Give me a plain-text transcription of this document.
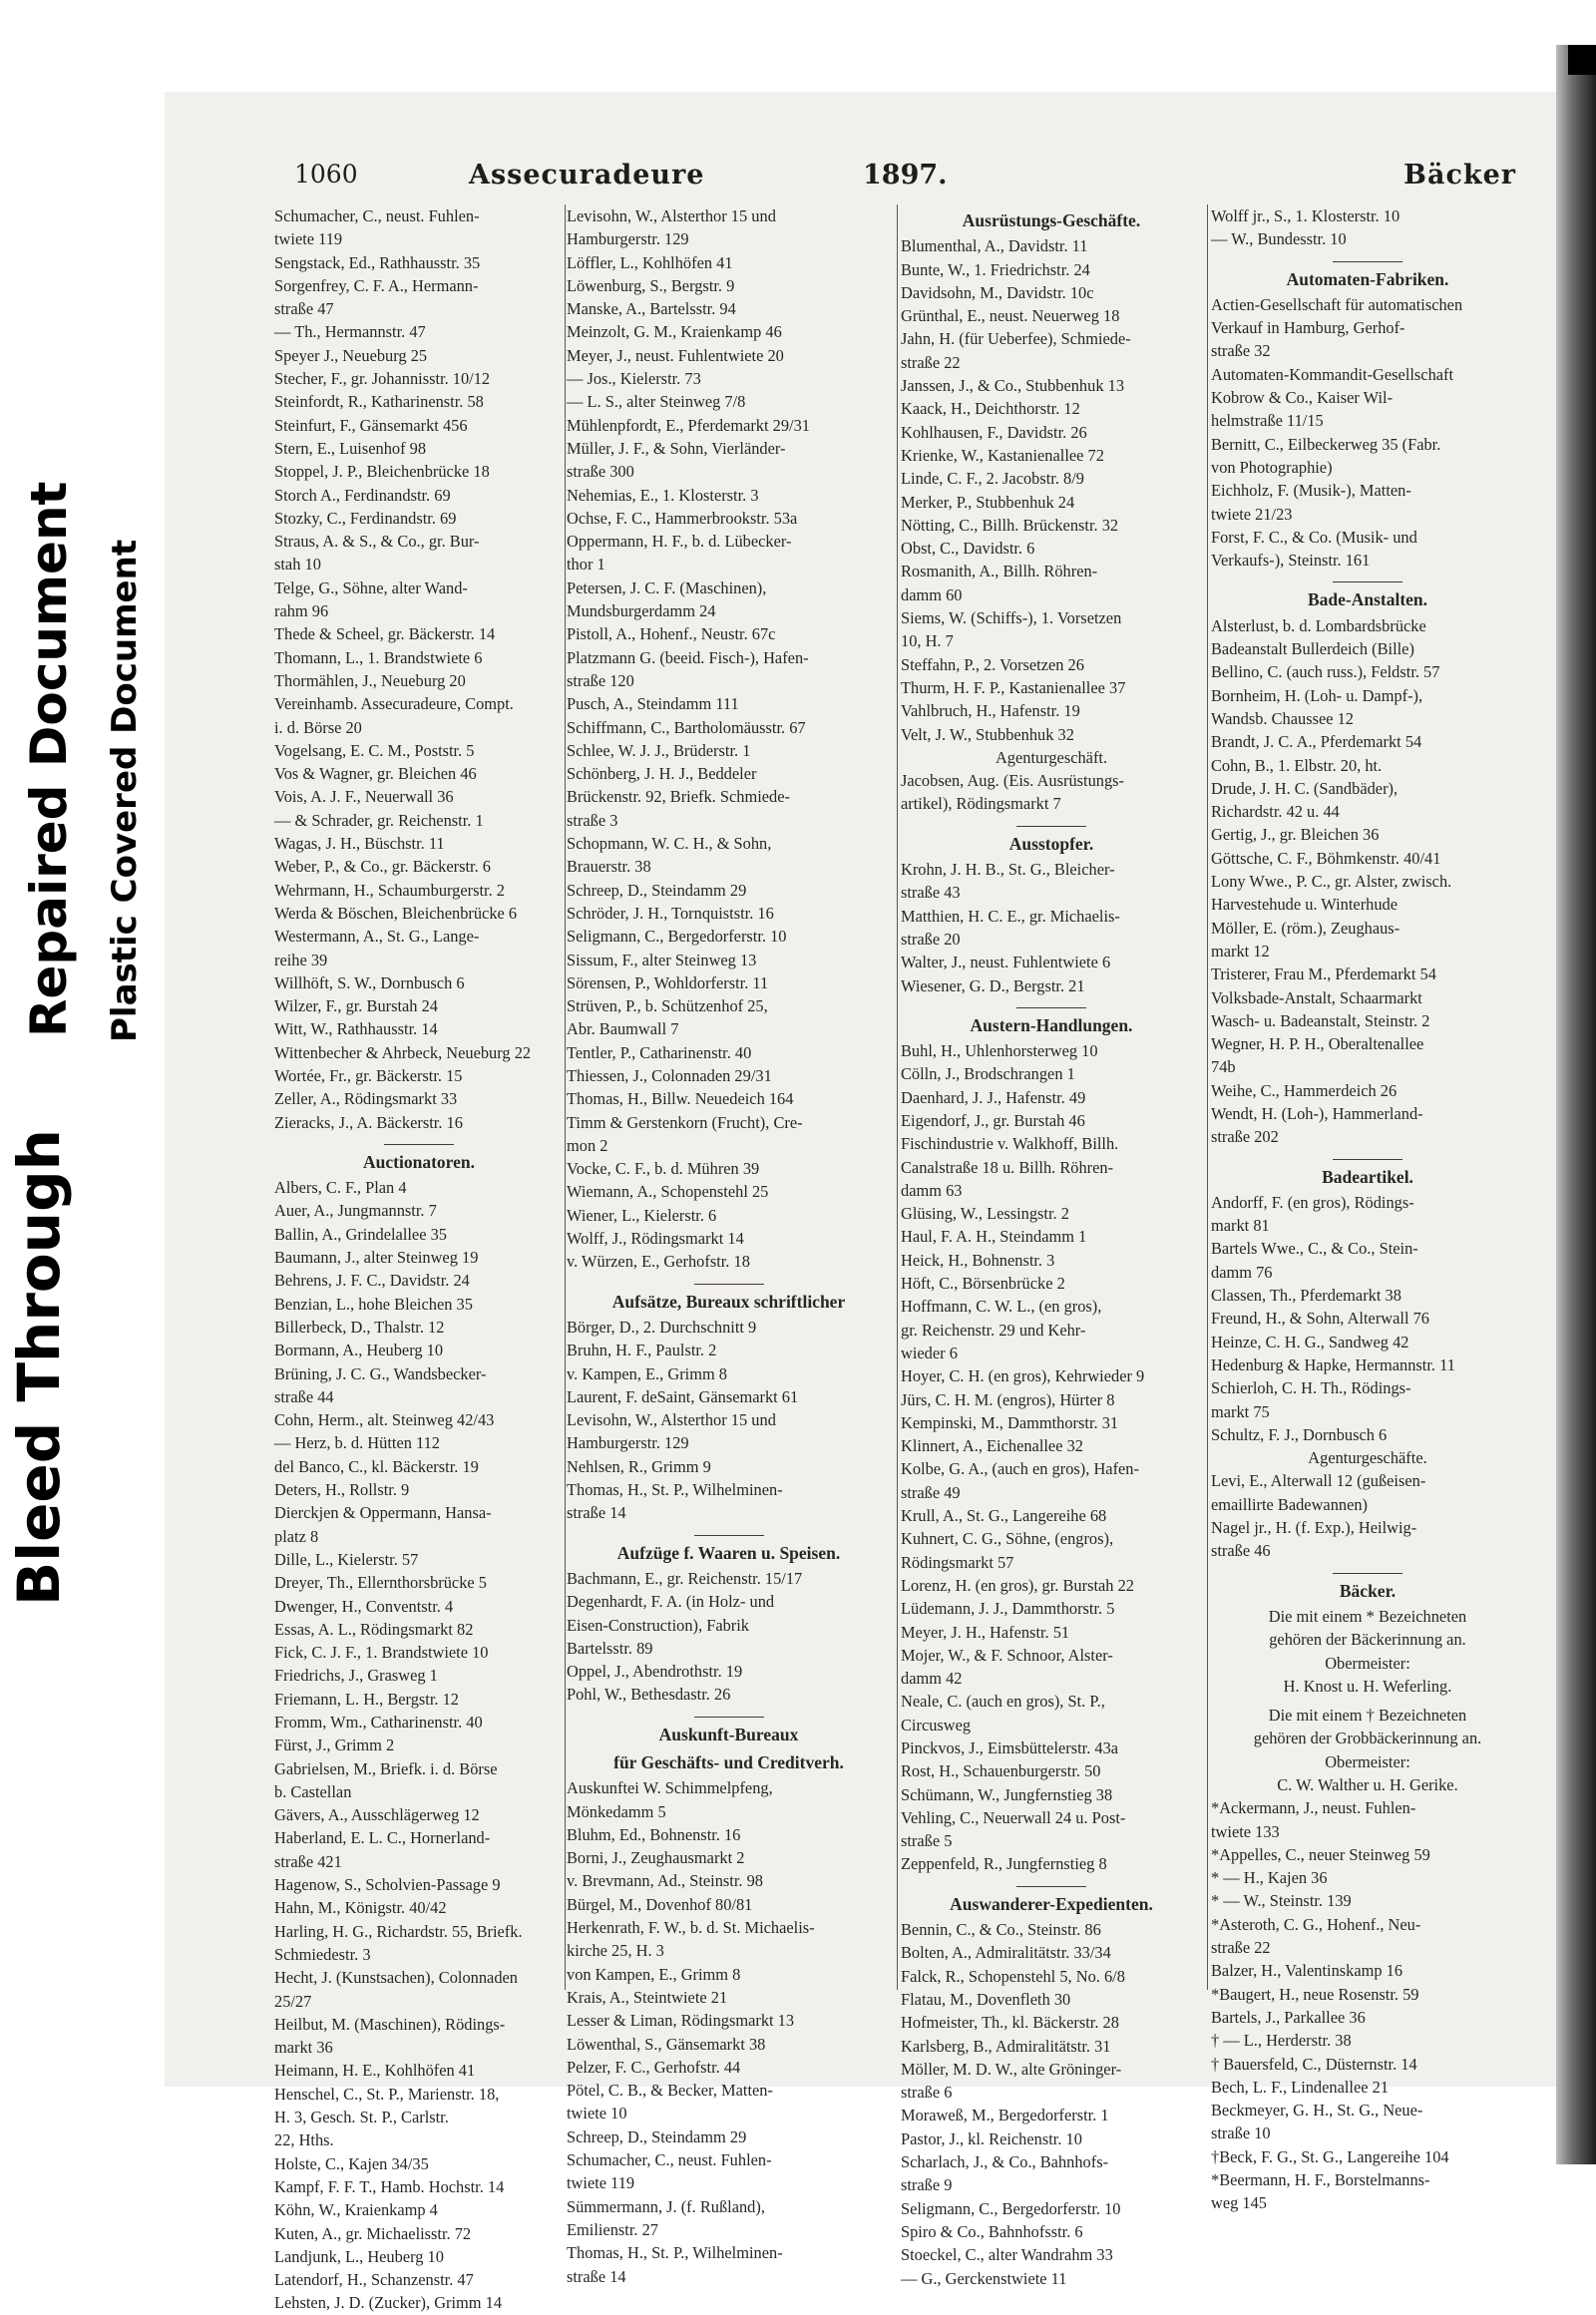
Bleed Through
Repaired Document Plastic Covered Document
1060	Assecuradeure	1897.	Bäcker
Schumacher, C., neust. Fuhlen-
twiete 119
Sengstack, Ed., Rathhausstr. 35
Sorgenfrey, C. F. A., Hermann-
straße 47
— Th., Hermannstr. 47
Speyer J., Neueburg 25
Stecher, F., gr. Johannisstr. 10/12
Steinfordt, R., Katharinenstr. 58
Steinfurt, F., Gänsemarkt 456
Stern, E., Luisenhof 98
Stoppel, J. P., Bleichenbrücke 18
Storch A., Ferdinandstr. 69
Stozky, C., Ferdinandstr. 69
Straus, A. & S., & Co., gr. Bur-
stah 10
Telge, G., Söhne, alter Wand-
rahm 96
Thede & Scheel, gr. Bäckerstr. 14
Thomann, L., 1. Brandstwiete 6
Thormählen, J., Neueburg 20
Vereinhamb. Assecuradeure, Compt.
i. d. Börse 20
Vogelsang, E. C. M., Poststr. 5
Vos & Wagner, gr. Bleichen 46
Vois, A. J. F., Neuerwall 36
— & Schrader, gr. Reichenstr. 1
Wagas, J. H., Büschstr. 11
Weber, P., & Co., gr. Bäckerstr. 6
Wehrmann, H., Schaumburgerstr. 2
Werda & Böschen, Bleichenbrücke 6
Westermann, A., St. G., Lange-
reihe 39
Willhöft, S. W., Dornbusch 6
Wilzer, F., gr. Burstah 24
Witt, W., Rathhausstr. 14
Wittenbecher & Ahrbeck, Neueburg 22
Wortée, Fr., gr. Bäckerstr. 15
Zeller, A., Rödingsmarkt 33
Zieracks, J., A. Bäckerstr. 16
Auctionatoren.
Albers, C. F., Plan 4
Auer, A., Jungmannstr. 7
Ballin, A., Grindelallee 35
Baumann, J., alter Steinweg 19
Behrens, J. F. C., Davidstr. 24
Benzian, L., hohe Bleichen 35
Billerbeck, D., Thalstr. 12
Bormann, A., Heuberg 10
Brüning, J. C. G., Wandsbecker-
straße 44
Cohn, Herm., alt. Steinweg 42/43
— Herz, b. d. Hütten 112
del Banco, C., kl. Bäckerstr. 19
Deters, H., Rollstr. 9
Dierckjen & Oppermann, Hansa-
platz 8
Dille, L., Kielerstr. 57
Dreyer, Th., Ellernthorsbrücke 5
Dwenger, H., Conventstr. 4
Essas, A. L., Rödingsmarkt 82
Fick, C. J. F., 1. Brandstwiete 10
Friedrichs, J., Grasweg 1
Friemann, L. H., Bergstr. 12
Fromm, Wm., Catharinenstr. 40
Fürst, J., Grimm 2
Gabrielsen, M., Briefk. i. d. Börse
b. Castellan
Gävers, A., Ausschlägerweg 12
Haberland, E. L. C., Hornerland-
straße 421
Hagenow, S., Scholvien-Passage 9
Hahn, M., Königstr. 40/42
Harling, H. G., Richardstr. 55, Briefk.
Schmiedestr. 3
Hecht, J. (Kunstsachen), Colonnaden
25/27
Heilbut, M. (Maschinen), Rödings-
markt 36
Heimann, H. E., Kohlhöfen 41
Henschel, C., St. P., Marienstr. 18,
H. 3, Gesch. St. P., Carlstr.
22, Hths.
Holste, C., Kajen 34/35
Kampf, F. F. T., Hamb. Hochstr. 14
Köhn, W., Kraienkamp 4
Kuten, A., gr. Michaelisstr. 72
Landjunk, L., Heuberg 10
Latendorf, H., Schanzenstr. 47
Lehsten, J. D. (Zucker), Grimm 14
Levisohn, W., Alsterthor 15 und
Hamburgerstr. 129
Löffler, L., Kohlhöfen 41
Löwenburg, S., Bergstr. 9
Manske, A., Bartelsstr. 94
Meinzolt, G. M., Kraienkamp 46
Meyer, J., neust. Fuhlentwiete 20
— Jos., Kielerstr. 73
— L. S., alter Steinweg 7/8
Mühlenpfordt, E., Pferdemarkt 29/31
Müller, J. F., & Sohn, Vierländer-
straße 300
Nehemias, E., 1. Klosterstr. 3
Ochse, F. C., Hammerbrookstr. 53a
Oppermann, H. F., b. d. Lübecker-
thor 1
Petersen, J. C. F. (Maschinen),
Mundsburgerdamm 24
Pistoll, A., Hohenf., Neustr. 67c
Platzmann G. (beeid. Fisch-), Hafen-
straße 120
Pusch, A., Steindamm 111
Schiffmann, C., Bartholomäusstr. 67
Schlee, W. J. J., Brüderstr. 1
Schönberg, J. H. J., Beddeler
Brückenstr. 92, Briefk. Schmiede-
straße 3
Schopmann, W. C. H., & Sohn,
Brauerstr. 38
Schreep, D., Steindamm 29
Schröder, J. H., Tornquiststr. 16
Seligmann, C., Bergedorferstr. 10
Sissum, F., alter Steinweg 13
Sörensen, P., Wohldorferstr. 11
Strüven, P., b. Schützenhof 25,
Abr. Baumwall 7
Tentler, P., Catharinenstr. 40
Thiessen, J., Colonnaden 29/31
Thomas, H., Billw. Neuedeich 164
Timm & Gerstenkorn (Frucht), Cre-
mon 2
Vocke, C. F., b. d. Mühren 39
Wiemann, A., Schopenstehl 25
Wiener, L., Kielerstr. 6
Wolff, J., Rödingsmarkt 14
v. Würzen, E., Gerhofstr. 18
Aufsätze, Bureaux schriftlicher
Börger, D., 2. Durchschnitt 9
Bruhn, H. F., Paulstr. 2
v. Kampen, E., Grimm 8
Laurent, F. deSaint, Gänsemarkt 61
Levisohn, W., Alsterthor 15 und
Hamburgerstr. 129
Nehlsen, R., Grimm 9
Thomas, H., St. P., Wilhelminen-
straße 14
Aufzüge f. Waaren u. Speisen.
Bachmann, E., gr. Reichenstr. 15/17
Degenhardt, F. A. (in Holz- und
Eisen-Construction), Fabrik
Bartelsstr. 89
Oppel, J., Abendrothstr. 19
Pohl, W., Bethesdastr. 26
Auskunft-Bureaux
für Geschäfts- und Creditverh.
Auskunftei W. Schimmelpfeng,
Mönkedamm 5
Bluhm, Ed., Bohnenstr. 16
Borni, J., Zeughausmarkt 2
v. Brevmann, Ad., Steinstr. 98
Bürgel, M., Dovenhof 80/81
Herkenrath, F. W., b. d. St. Michaelis-
kirche 25, H. 3
von Kampen, E., Grimm 8
Krais, A., Steintwiete 21
Lesser & Liman, Rödingsmarkt 13
Löwenthal, S., Gänsemarkt 38
Pelzer, F. C., Gerhofstr. 44
Pötel, C. B., & Becker, Matten-
twiete 10
Schreep, D., Steindamm 29
Schumacher, C., neust. Fuhlen-
twiete 119
Sümmermann, J. (f. Rußland),
Emilienstr. 27
Thomas, H., St. P., Wilhelminen-
straße 14
Ausrüstungs-Geschäfte.
Blumenthal, A., Davidstr. 11
Bunte, W., 1. Friedrichstr. 24
Davidsohn, M., Davidstr. 10c
Grünthal, E., neust. Neuerweg 18
Jahn, H. (für Ueberfee), Schmiede-
straße 22
Janssen, J., & Co., Stubbenhuk 13
Kaack, H., Deichthorstr. 12
Kohlhausen, F., Davidstr. 26
Krienke, W., Kastanienallee 72
Linde, C. F., 2. Jacobstr. 8/9
Merker, P., Stubbenhuk 24
Nötting, C., Billh. Brückenstr. 32
Obst, C., Davidstr. 6
Rosmanith, A., Billh. Röhren-
damm 60
Siems, W. (Schiffs-), 1. Vorsetzen
10, H. 7
Steffahn, P., 2. Vorsetzen 26
Thurm, H. F. P., Kastanienallee 37
Vahlbruch, H., Hafenstr. 19
Velt, J. W., Stubbenhuk 32
Agenturgeschäft.
Jacobsen, Aug. (Eis. Ausrüstungs-
artikel), Rödingsmarkt 7
Ausstopfer.
Krohn, J. H. B., St. G., Bleicher-
straße 43
Matthien, H. C. E., gr. Michaelis-
straße 20
Walter, J., neust. Fuhlentwiete 6
Wiesener, G. D., Bergstr. 21
Austern-Handlungen.
Buhl, H., Uhlenhorsterweg 10
Cölln, J., Brodschrangen 1
Daenhard, J. J., Hafenstr. 49
Eigendorf, J., gr. Burstah 46
Fischindustrie v. Walkhoff, Billh.
Canalstraße 18 u. Billh. Röhren-
damm 63
Glüsing, W., Lessingstr. 2
Haul, F. A. H., Steindamm 1
Heick, H., Bohnenstr. 3
Höft, C., Börsenbrücke 2
Hoffmann, C. W. L., (en gros),
gr. Reichenstr. 29 und Kehr-
wieder 6
Hoyer, C. H. (en gros), Kehrwieder 9
Jürs, C. H. M. (engros), Hürter 8
Kempinski, M., Dammthorstr. 31
Klinnert, A., Eichenallee 32
Kolbe, G. A., (auch en gros), Hafen-
straße 49
Krull, A., St. G., Langereihe 68
Kuhnert, C. G., Söhne, (engros),
Rödingsmarkt 57
Lorenz, H. (en gros), gr. Burstah 22
Lüdemann, J. J., Dammthorstr. 5
Meyer, J. H., Hafenstr. 51
Mojer, W., & F. Schnoor, Alster-
damm 42
Neale, C. (auch en gros), St. P.,
Circusweg
Pinckvos, J., Eimsbüttelerstr. 43a
Rost, H., Schauenburgerstr. 50
Schümann, W., Jungfernstieg 38
Vehling, C., Neuerwall 24 u. Post-
straße 5
Zeppenfeld, R., Jungfernstieg 8
Auswanderer-Expedienten.
Bennin, C., & Co., Steinstr. 86
Bolten, A., Admiralitätstr. 33/34
Falck, R., Schopenstehl 5, No. 6/8
Flatau, M., Dovenfleth 30
Hofmeister, Th., kl. Bäckerstr. 28
Karlsberg, B., Admiralitätstr. 31
Möller, M. D. W., alte Gröninger-
straße 6
Moraweß, M., Bergedorferstr. 1
Pastor, J., kl. Reichenstr. 10
Scharlach, J., & Co., Bahnhofs-
straße 9
Seligmann, C., Bergedorferstr. 10
Spiro & Co., Bahnhofsstr. 6
Stoeckel, C., alter Wandrahm 33
— G., Gerckenstwiete 11
Wolff jr., S., 1. Klosterstr. 10
— W., Bundesstr. 10
Automaten-Fabriken.
Actien-Gesellschaft für automatischen
Verkauf in Hamburg, Gerhof-
straße 32
Automaten-Kommandit-Gesellschaft
Kobrow & Co., Kaiser Wil-
helmstraße 11/15
Bernitt, C., Eilbeckerweg 35 (Fabr.
von Photographie)
Eichholz, F. (Musik-), Matten-
twiete 21/23
Forst, F. C., & Co. (Musik- und
Verkaufs-), Steinstr. 161
Bade-Anstalten.
Alsterlust, b. d. Lombardsbrücke
Badeanstalt Bullerdeich (Bille)
Bellino, C. (auch russ.), Feldstr. 57
Bornheim, H. (Loh- u. Dampf-),
Wandsb. Chaussee 12
Brandt, J. C. A., Pferdemarkt 54
Cohn, B., 1. Elbstr. 20, ht.
Drude, J. H. C. (Sandbäder),
Richardstr. 42 u. 44
Gertig, J., gr. Bleichen 36
Göttsche, C. F., Böhmkenstr. 40/41
Lony Wwe., P. C., gr. Alster, zwisch.
Harvestehude u. Winterhude
Möller, E. (röm.), Zeughaus-
markt 12
Tristerer, Frau M., Pferdemarkt 54
Volksbade-Anstalt, Schaarmarkt
Wasch- u. Badeanstalt, Steinstr. 2
Wegner, H. P. H., Oberaltenallee
74b
Weihe, C., Hammerdeich 26
Wendt, H. (Loh-), Hammerland-
straße 202
Badeartikel.
Andorff, F. (en gros), Rödings-
markt 81
Bartels Wwe., C., & Co., Stein-
damm 76
Classen, Th., Pferdemarkt 38
Freund, H., & Sohn, Alterwall 76
Heinze, C. H. G., Sandweg 42
Hedenburg & Hapke, Hermannstr. 11
Schierloh, C. H. Th., Rödings-
markt 75
Schultz, F. J., Dornbusch 6
Agenturgeschäfte.
Levi, E., Alterwall 12 (gußeisen-
emaillirte Badewannen)
Nagel jr., H. (f. Exp.), Heilwig-
straße 46
Bäcker.
Die mit einem * Bezeichneten
gehören der Bäckerinnung an.
Obermeister:
H. Knost u. H. Weferling.
Die mit einem † Bezeichneten
gehören der Grobbäckerinnung an.
Obermeister:
C. W. Walther u. H. Gerike.
*Ackermann, J., neust. Fuhlen-
twiete 133
*Appelles, C., neuer Steinweg 59
* — H., Kajen 36
* — W., Steinstr. 139
*Asteroth, C. G., Hohenf., Neu-
straße 22
Balzer, H., Valentinskamp 16
*Baugert, H., neue Rosenstr. 59
Bartels, J., Parkallee 36
† — L., Herderstr. 38
† Bauersfeld, C., Düsternstr. 14
Bech, L. F., Lindenallee 21
Beckmeyer, G. H., St. G., Neue-
straße 10
†Beck, F. G., St. G., Langereihe 104
*Beermann, H. F., Borstelmanns-
weg 145
